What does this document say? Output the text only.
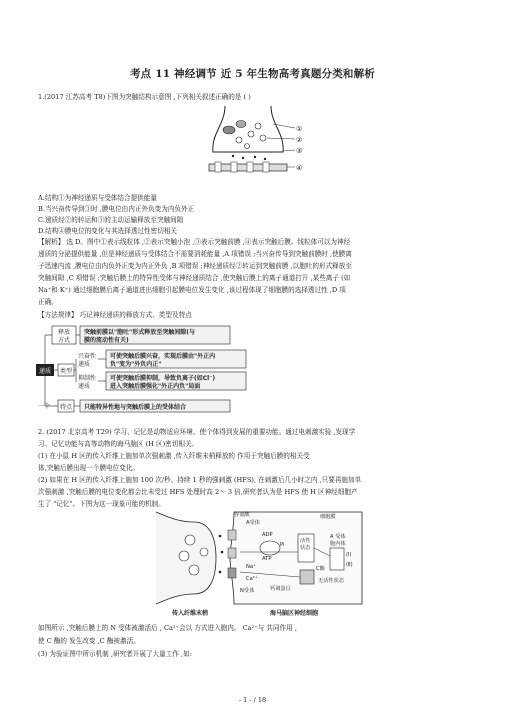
考点 11 神经调节 近 5 年生物高考真题分类和解析
1.(2017 江苏高考 T8)下图为突触结构示意图 ,下列相关叙述正确的是 ( )
①
②
③
④
A.结构①为神经递质与受体结合提供能量
B.当兴奋传导到③时 ,膜电位由内正外负变为内负外正
C.递质经②的转运和③的主动运输释放至突触间隙
D.结构④膜电位的变化与其选择透过性密切相关
【解析】 选 D。图中①表示线粒体 ,②表示突触小泡 ,③表示突触前膜 ,④表示突触后膜。线粒体可以为神经
递质的分泌提供能量 ,但是神经递质与受体结合不需要消耗能量 ,A 项错误 ;当兴奋传导到突触前膜时 ,使膜离
子迅速内流 ,膜电位由内负外正变为内正外负 ,B 项错误 ;神经递质经②转运到突触前膜 ,以胞吐的形式释放至
突触间隙 ,C 项错误 ;突触后膜上的特异性受体与神经递质结合 ,使突触后膜上的离子通道打开 ,某些离子 (如
Na⁺和 K⁺) 通过细胞膜后离子通道进出细胞引起膜电位发生变化 ,该过程体现了细胞膜的选择透过性 ,D 项
正确。
【方法规律】 巧记神经递质的释放方式、类型及特点
释放
方式
突触前膜以"胞吐"形式释放至突触间隙(与
膜的流动性有关)
递质 类型
兴奋性
递质
可使突触后膜兴奋，实现后膜由"外正内
负"变为"外负内正"
抑制性
递质
可使突触后膜抑制，导致负离子(如Cl⁻)
进入突触后膜强化"外正内负"局面
一个 特点 只能特异性地与突触后膜上的受体结合
2. (2017 北京高考 T29) 学习、记忆是动物适应环境、使个体得到发展的重要功能。通过电刺激实验 ,发现学
习、记忆功能与高等动物的海马脑区 (H 区)密切相关。
(1) 在小鼠 H 区的传入纤维上施加单次强刺激 ,传入纤维末梢释放的 作用于突触后膜的相关受
体,突触后膜出现一个膜电位变化。
(2) 如果在 H 区的传入纤维上施加 100 次/秒、持续 1 秒的强刺激 (HFS), 在刺激后几小时之内 ,只要再施加单
次强刺激 ,突触后膜的电位变化都会比未受过 HFS 处理时高 2～ 3 倍,研究者认为是 HFS 使 H 区神经细胞产
生了 "记忆"。下图为这一现象可能的机制。
谷氨酸
A受体
细胞膜
ADP
ATP
Pi
活性
状态
Na⁺
Ca²⁺
C酶
无活性状态
钙调蛋白
N受体
A 受体
胞内体
(Ⅰ)
(Ⅱ)
传入纤维末梢	海马脑区神经细胞
如图所示 ,突触后膜上的 N 受体被激活后 , Ca²⁺会以 方式进入胞内。 Ca²⁺与 共同作用 ,
使 C 酶的 发生改变 ,C 酶被激活。
(3) 为验证图中所示机制 ,研究者开展了大量工作 ,如:
- 1 - / 18
